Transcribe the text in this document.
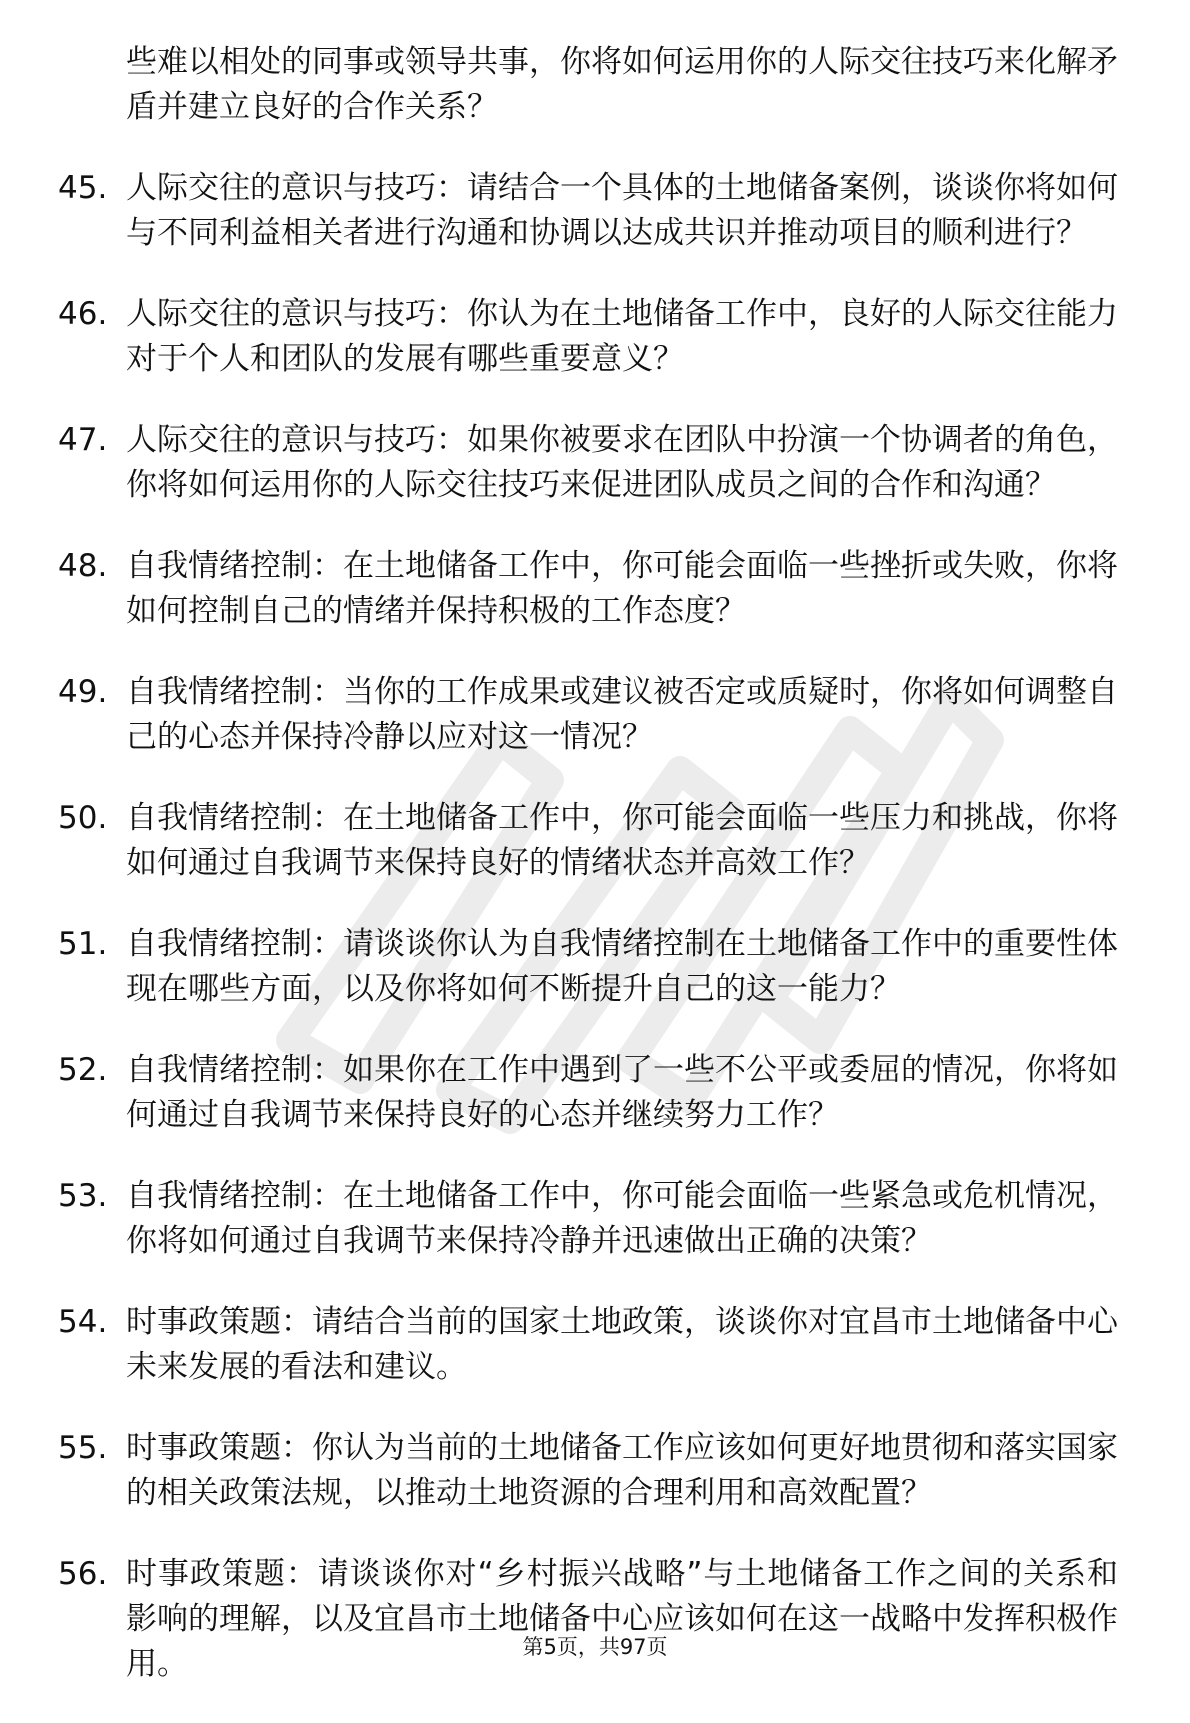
些难以相处的同事或领导共事，你将如何运用你的人际交往技巧来化解矛盾并建立良好的合作关系？
45. 人际交往的意识与技巧：请结合一个具体的土地储备案例，谈谈你将如何与不同利益相关者进行沟通和协调以达成共识并推动项目的顺利进行？
46. 人际交往的意识与技巧：你认为在土地储备工作中，良好的人际交往能力对于个人和团队的发展有哪些重要意义？
47. 人际交往的意识与技巧：如果你被要求在团队中扮演一个协调者的角色，你将如何运用你的人际交往技巧来促进团队成员之间的合作和沟通？
48. 自我情绪控制：在土地储备工作中，你可能会面临一些挫折或失败，你将如何控制自己的情绪并保持积极的工作态度？
49. 自我情绪控制：当你的工作成果或建议被否定或质疑时，你将如何调整自己的心态并保持冷静以应对这一情况？
50. 自我情绪控制：在土地储备工作中，你可能会面临一些压力和挑战，你将如何通过自我调节来保持良好的情绪状态并高效工作？
51. 自我情绪控制：请谈谈你认为自我情绪控制在土地储备工作中的重要性体现在哪些方面，以及你将如何不断提升自己的这一能力？
52. 自我情绪控制：如果你在工作中遇到了一些不公平或委屈的情况，你将如何通过自我调节来保持良好的心态并继续努力工作？
53. 自我情绪控制：在土地储备工作中，你可能会面临一些紧急或危机情况，你将如何通过自我调节来保持冷静并迅速做出正确的决策？
54. 时事政策题：请结合当前的国家土地政策，谈谈你对宜昌市土地储备中心未来发展的看法和建议。
55. 时事政策题：你认为当前的土地储备工作应该如何更好地贯彻和落实国家的相关政策法规，以推动土地资源的合理利用和高效配置？
56. 时事政策题：请谈谈你对“乡村振兴战略”与土地储备工作之间的关系和影响的理解，以及宜昌市土地储备中心应该如何在这一战略中发挥积极作用。	第5页，共97页
